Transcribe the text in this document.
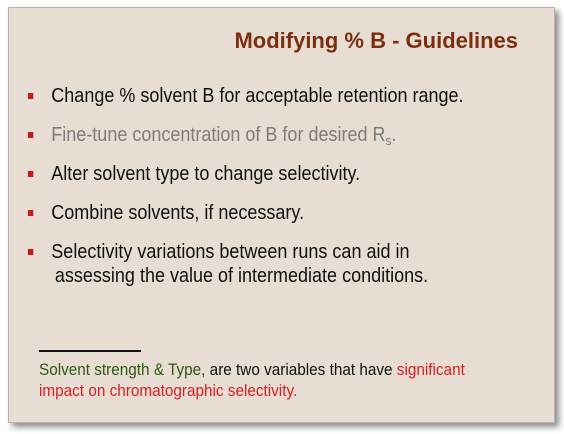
Modifying % B - Guidelines
Change % solvent B for acceptable retention range.
Fine-tune concentration of B for desired $R_s$.
Alter solvent type to change selectivity.
Combine solvents, if necessary.
Selectivity variations between runs can aid in
assessing the value of intermediate conditions.

Solvent strength & Type, are two variables that have significant
impact on chromatographic selectivity.
